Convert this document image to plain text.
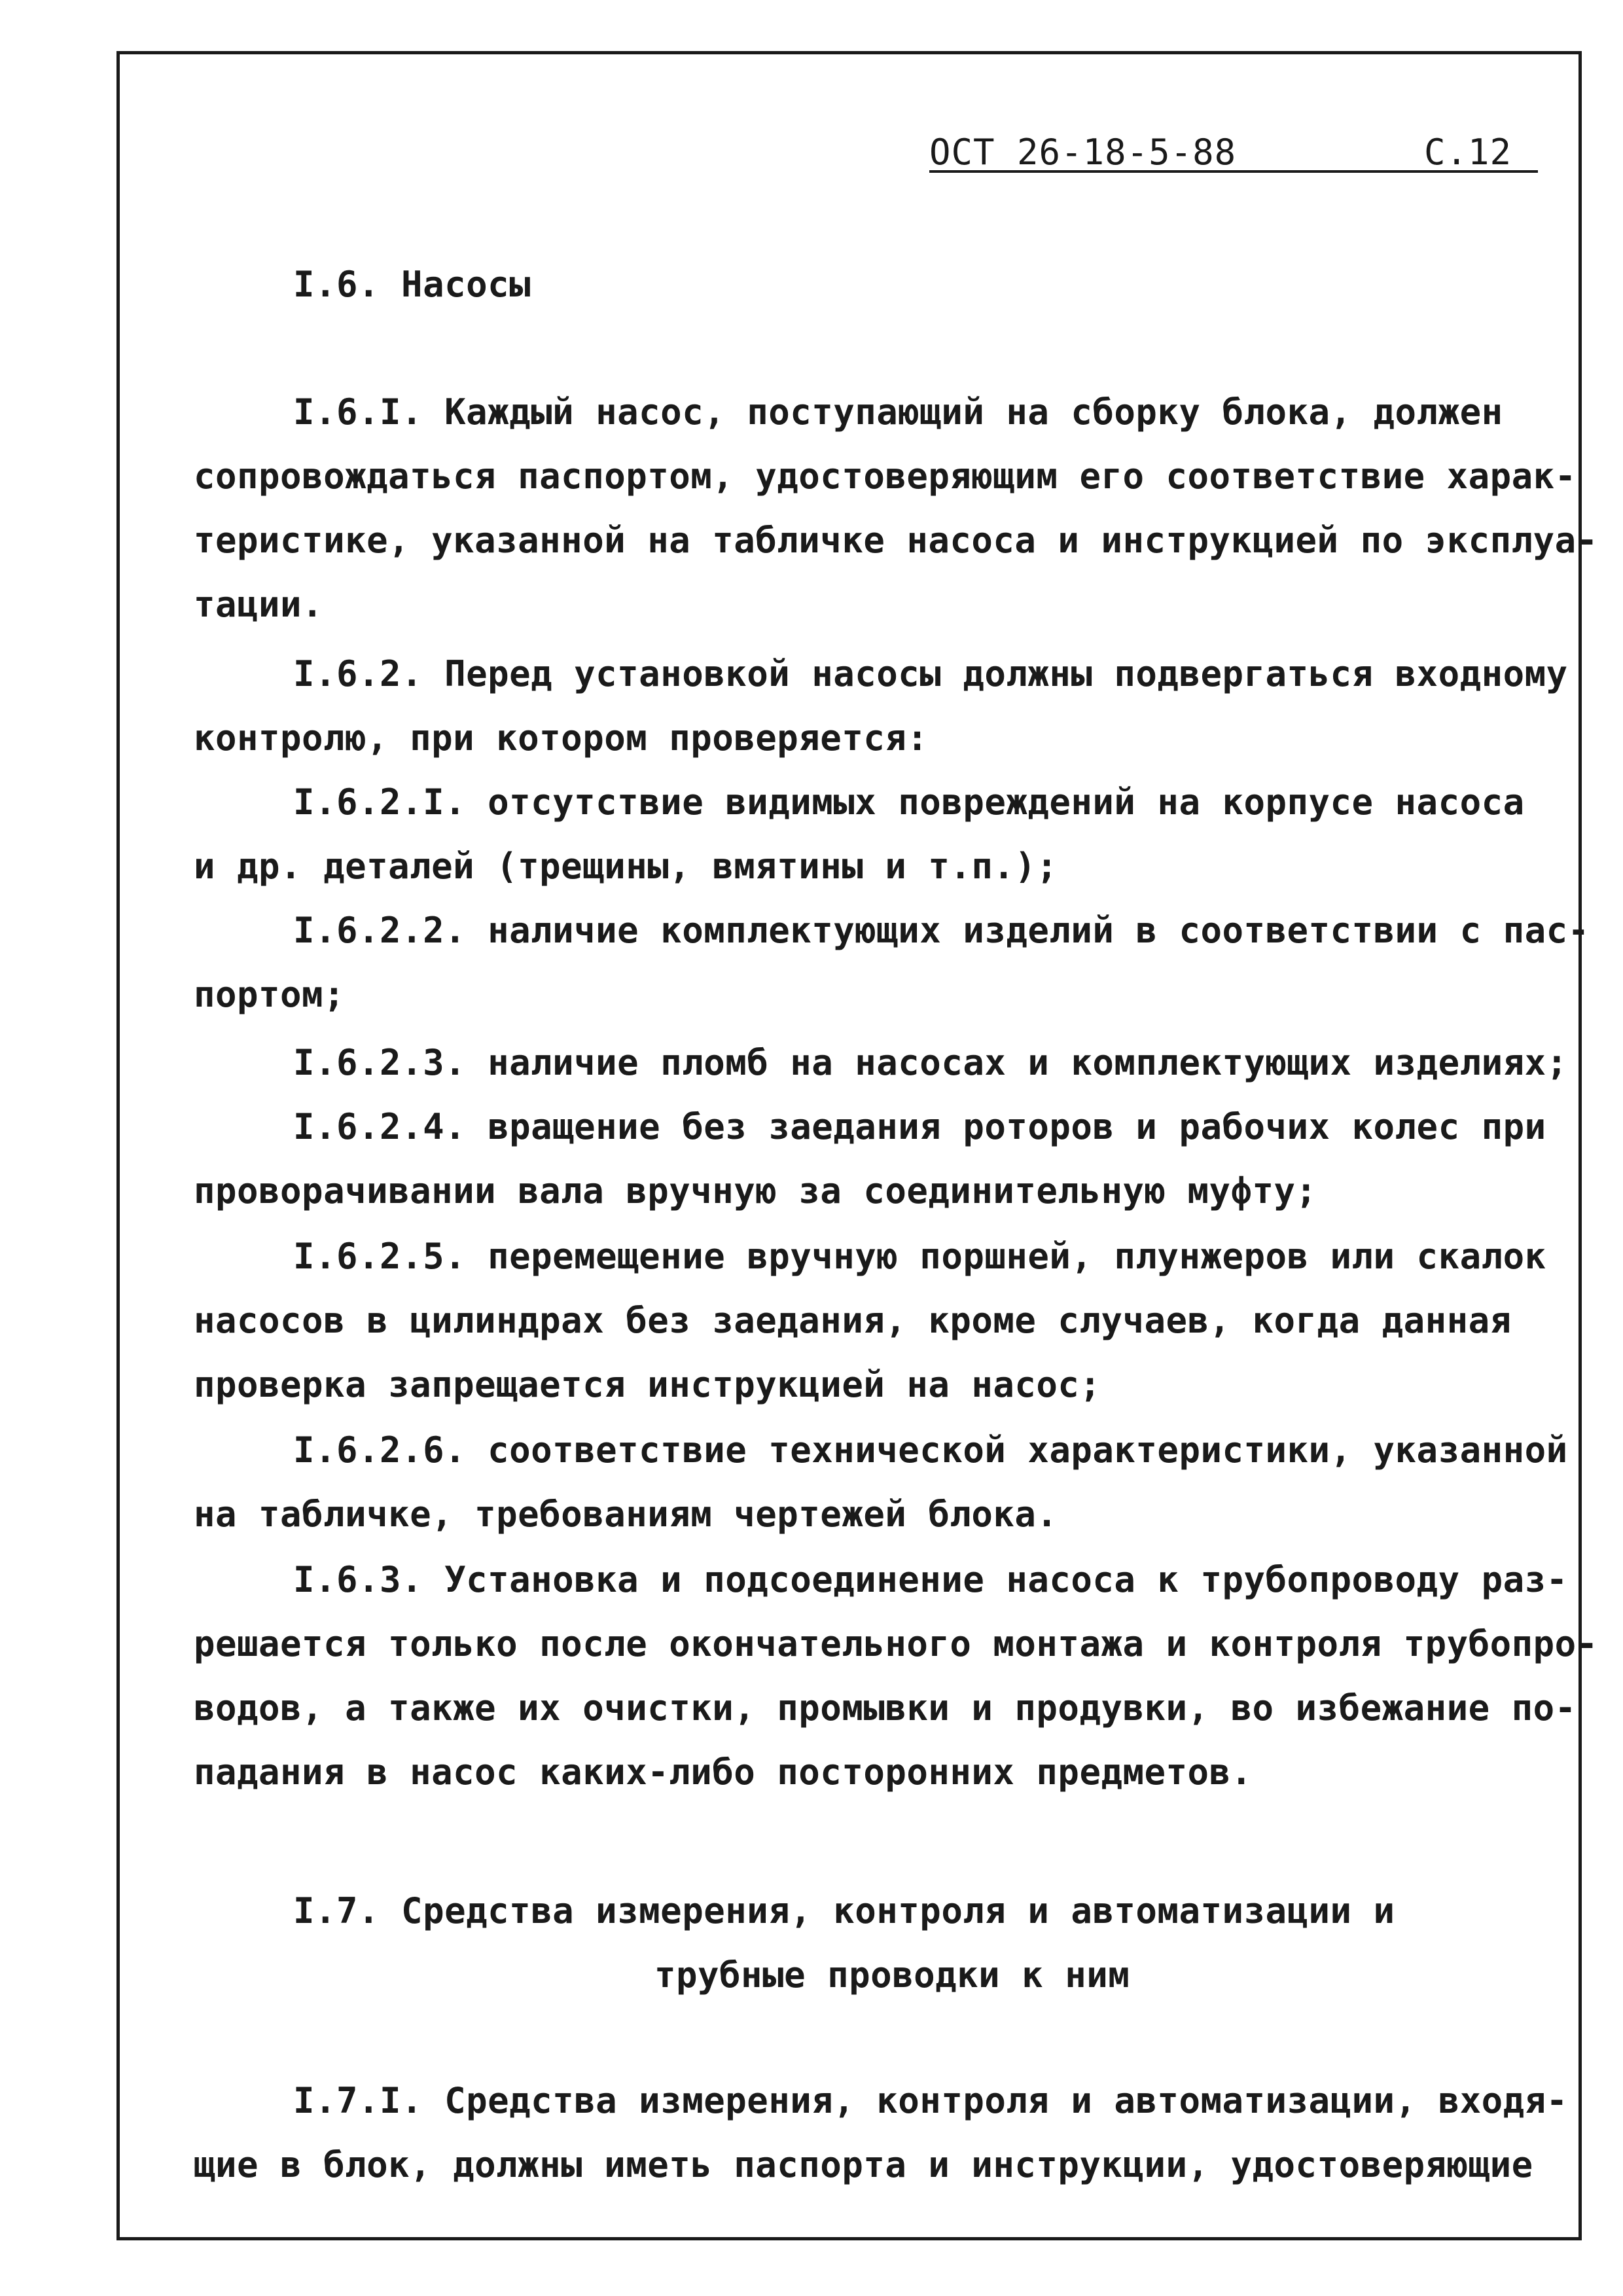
ОСТ 26-18-5-88	С.12
I.6. Насосы
I.6.I. Каждый насос, поступающий на сборку блока, должен
сопровождаться паспортом, удостоверяющим его соответствие харак-
теристике, указанной на табличке насоса и инструкцией по эксплуа-
тации.
I.6.2. Перед установкой насосы должны подвергаться входному
контролю, при котором проверяется:
I.6.2.I. отсутствие видимых повреждений на корпусе насоса
и др. деталей (трещины, вмятины и т.п.);
I.6.2.2. наличие комплектующих изделий в соответствии с пас-
портом;
I.6.2.3. наличие пломб на насосах и комплектующих изделиях;
I.6.2.4. вращение без заедания роторов и рабочих колес при
проворачивании вала вручную за соединительную муфту;
I.6.2.5. перемещение вручную поршней, плунжеров или скалок
насосов в цилиндрах без заедания, кроме случаев, когда данная
проверка запрещается инструкцией на насос;
I.6.2.6. соответствие технической характеристики, указанной
на табличке, требованиям чертежей блока.
I.6.3. Установка и подсоединение насоса к трубопроводу раз-
решается только после окончательного монтажа и контроля трубопро-
водов, а также их очистки, промывки и продувки, во избежание по-
падания в насос каких-либо посторонних предметов.
I.7. Средства измерения, контроля и автоматизации и
трубные проводки к ним
I.7.I. Средства измерения, контроля и автоматизации, входя-
щие в блок, должны иметь паспорта и инструкции, удостоверяющие
